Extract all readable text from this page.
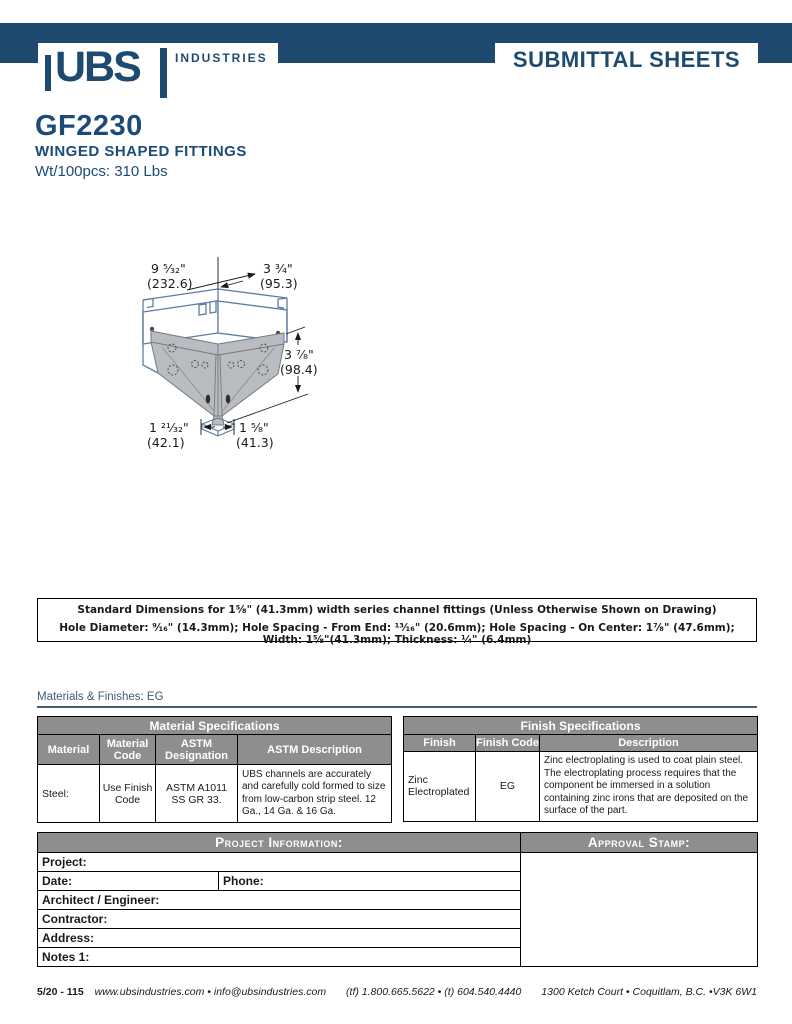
UBS	INDUSTRIES	SUBMITTAL SHEETS
GF2230
WINGED SHAPED FITTINGS
Wt/100pcs: 310 Lbs
9 ⁵⁄₃₂"
(232.6)
3 ³⁄₄"
(95.3)
3 ⁷⁄₈"
(98.4)
1 ²¹⁄₃₂"
(42.1)
1 ⁵⁄₈"
(41.3)
Standard Dimensions for 1⁵⁄₈" (41.3mm) width series channel fittings (Unless Otherwise Shown on Drawing)
Hole Diameter: ⁹⁄₁₆" (14.3mm); Hole Spacing - From End: ¹³⁄₁₆" (20.6mm); Hole Spacing - On Center: 1⁷⁄₈" (47.6mm); Width: 1⁵⁄₈"(41.3mm); Thickness: ¹⁄₄" (6.4mm)
Materials & Finishes: EG
Material Specifications			
Material	Material Code	ASTM Designation	ASTM Description
Steel:	Use Finish Code	ASTM A1011 SS GR 33.	UBS channels are accurately and carefully cold formed to size from low-carbon strip steel. 12 Ga., 14 Ga. & 16 Ga.
Finish Specifications		
Finish	Finish Code	Description
Zinc Electroplated	EG	Zinc electroplating is used to coat plain steel. The electroplating process requires that the component be immersed in a solution containing zinc irons that are deposited on the surface of the part.
Project Information:		Approval Stamp:
Project:		
Date:	Phone:	
Architect / Engineer:		
Contractor:		
Address:		
Notes 1:		
5/20 - 115 www.ubsindustries.com • info@ubsindustries.com (tf) 1.800.665.5622 • (t) 604.540.4440 1300 Ketch Court • Coquitlam, B.C. •V3K 6W1
